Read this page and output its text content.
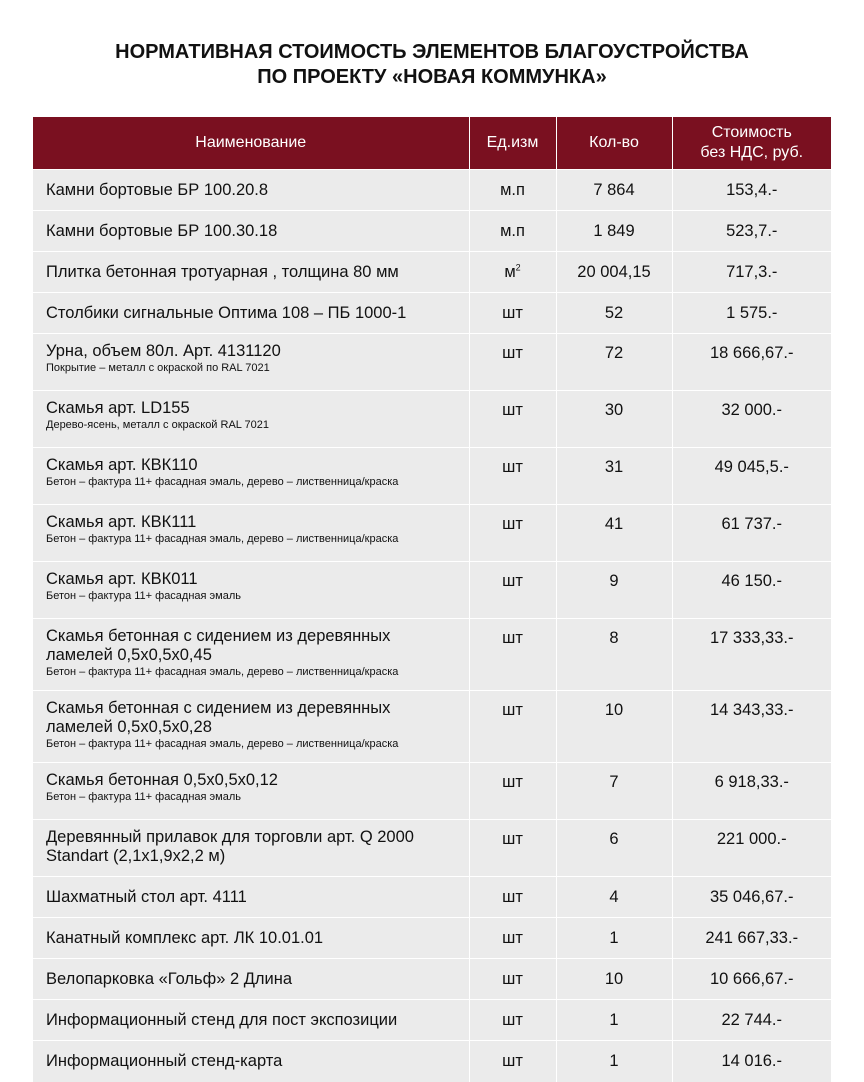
НОРМАТИВНАЯ СТОИМОСТЬ ЭЛЕМЕНТОВ БЛАГОУСТРОЙСТВА
ПО ПРОЕКТУ «НОВАЯ КОММУНКА»
Наименование	Ед.изм	Кол-во	Стоимость
без НДС, руб.
Камни бортовые БР 100.20.8	м.п	7 864	153,4.-
Камни бортовые БР 100.30.18	м.п	1 849	523,7.-
Плитка бетонная тротуарная , толщина 80 мм	$м^2$	20 004,15	717,3.-
Столбики сигнальные Оптима 108 – ПБ 1000-1	шт	52	1 575.-
Урна, объем 80л. Арт. 4131120
Покрытие – металл с окраской по RAL 7021	шт	72	18 666,67.-
Скамья арт. LD155
Дерево-ясень, металл с окраской RAL 7021	шт	30	32 000.-
Скамья арт. КВК110
Бетон – фактура 11+ фасадная эмаль, дерево – лиственница/краска	шт	31	49 045,5.-
Скамья арт. КВК111
Бетон – фактура 11+ фасадная эмаль, дерево – лиственница/краска	шт	41	61 737.-
Скамья арт. КВК011
Бетон – фактура 11+ фасадная эмаль	шт	9	46 150.-
Скамья бетонная с сидением из деревянных ламелей 0,5х0,5х0,45
Бетон – фактура 11+ фасадная эмаль, дерево – лиственница/краска	шт	8	17 333,33.-
Скамья бетонная с сидением из деревянных ламелей 0,5х0,5х0,28
Бетон – фактура 11+ фасадная эмаль, дерево – лиственница/краска	шт	10	14 343,33.-
Скамья бетонная 0,5х0,5х0,12
Бетон – фактура 11+ фасадная эмаль	шт	7	6 918,33.-
Деревянный прилавок для торговли арт. Q 2000 Standart (2,1х1,9х2,2 м)	шт	6	221 000.-
Шахматный стол арт. 4111	шт	4	35 046,67.-
Канатный комплекс арт. ЛК 10.01.01	шт	1	241 667,33.-
Велопарковка «Гольф» 2 Длина	шт	10	10 666,67.-
Информационный стенд для пост экспозиции	шт	1	22 744.-
Информационный стенд-карта	шт	1	14 016.-
